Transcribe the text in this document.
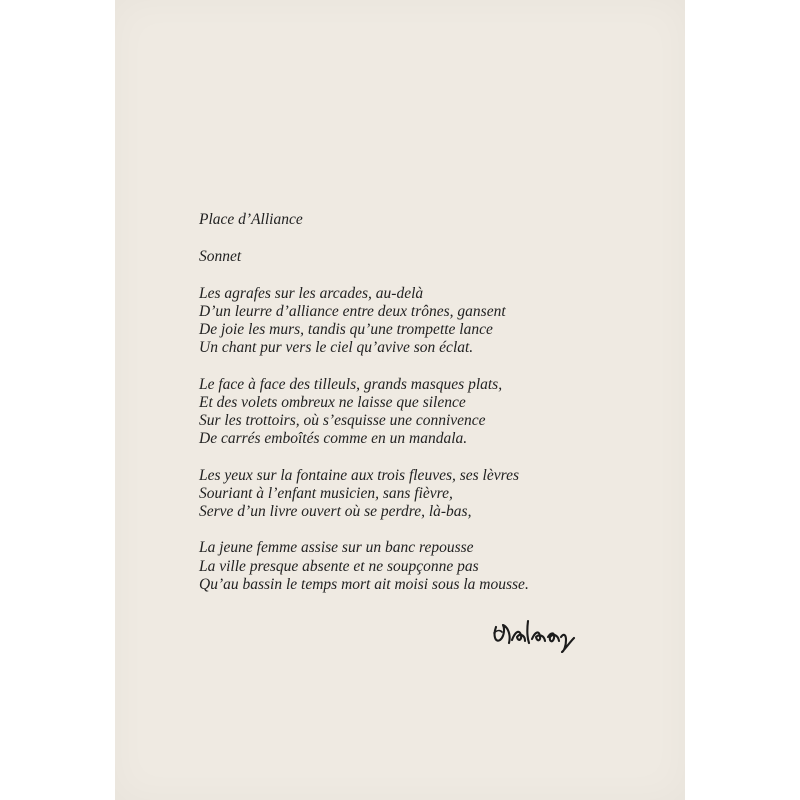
Place d’Alliance
Sonnet
Les agrafes sur les arcades, au-delà
D’un leurre d’alliance entre deux trônes, gansent
De joie les murs, tandis qu’une trompette lance
Un chant pur vers le ciel qu’avive son éclat.
Le face à face des tilleuls, grands masques plats,
Et des volets ombreux ne laisse que silence
Sur les trottoirs, où s’esquisse une connivence
De carrés emboîtés comme en un mandala.
Les yeux sur la fontaine aux trois fleuves, ses lèvres
Souriant à l’enfant musicien, sans fièvre,
Serve d’un livre ouvert où se perdre, là-bas,
La jeune femme assise sur un banc repousse
La ville presque absente et ne soupçonne pas
Qu’au bassin le temps mort ait moisi sous la mousse.
